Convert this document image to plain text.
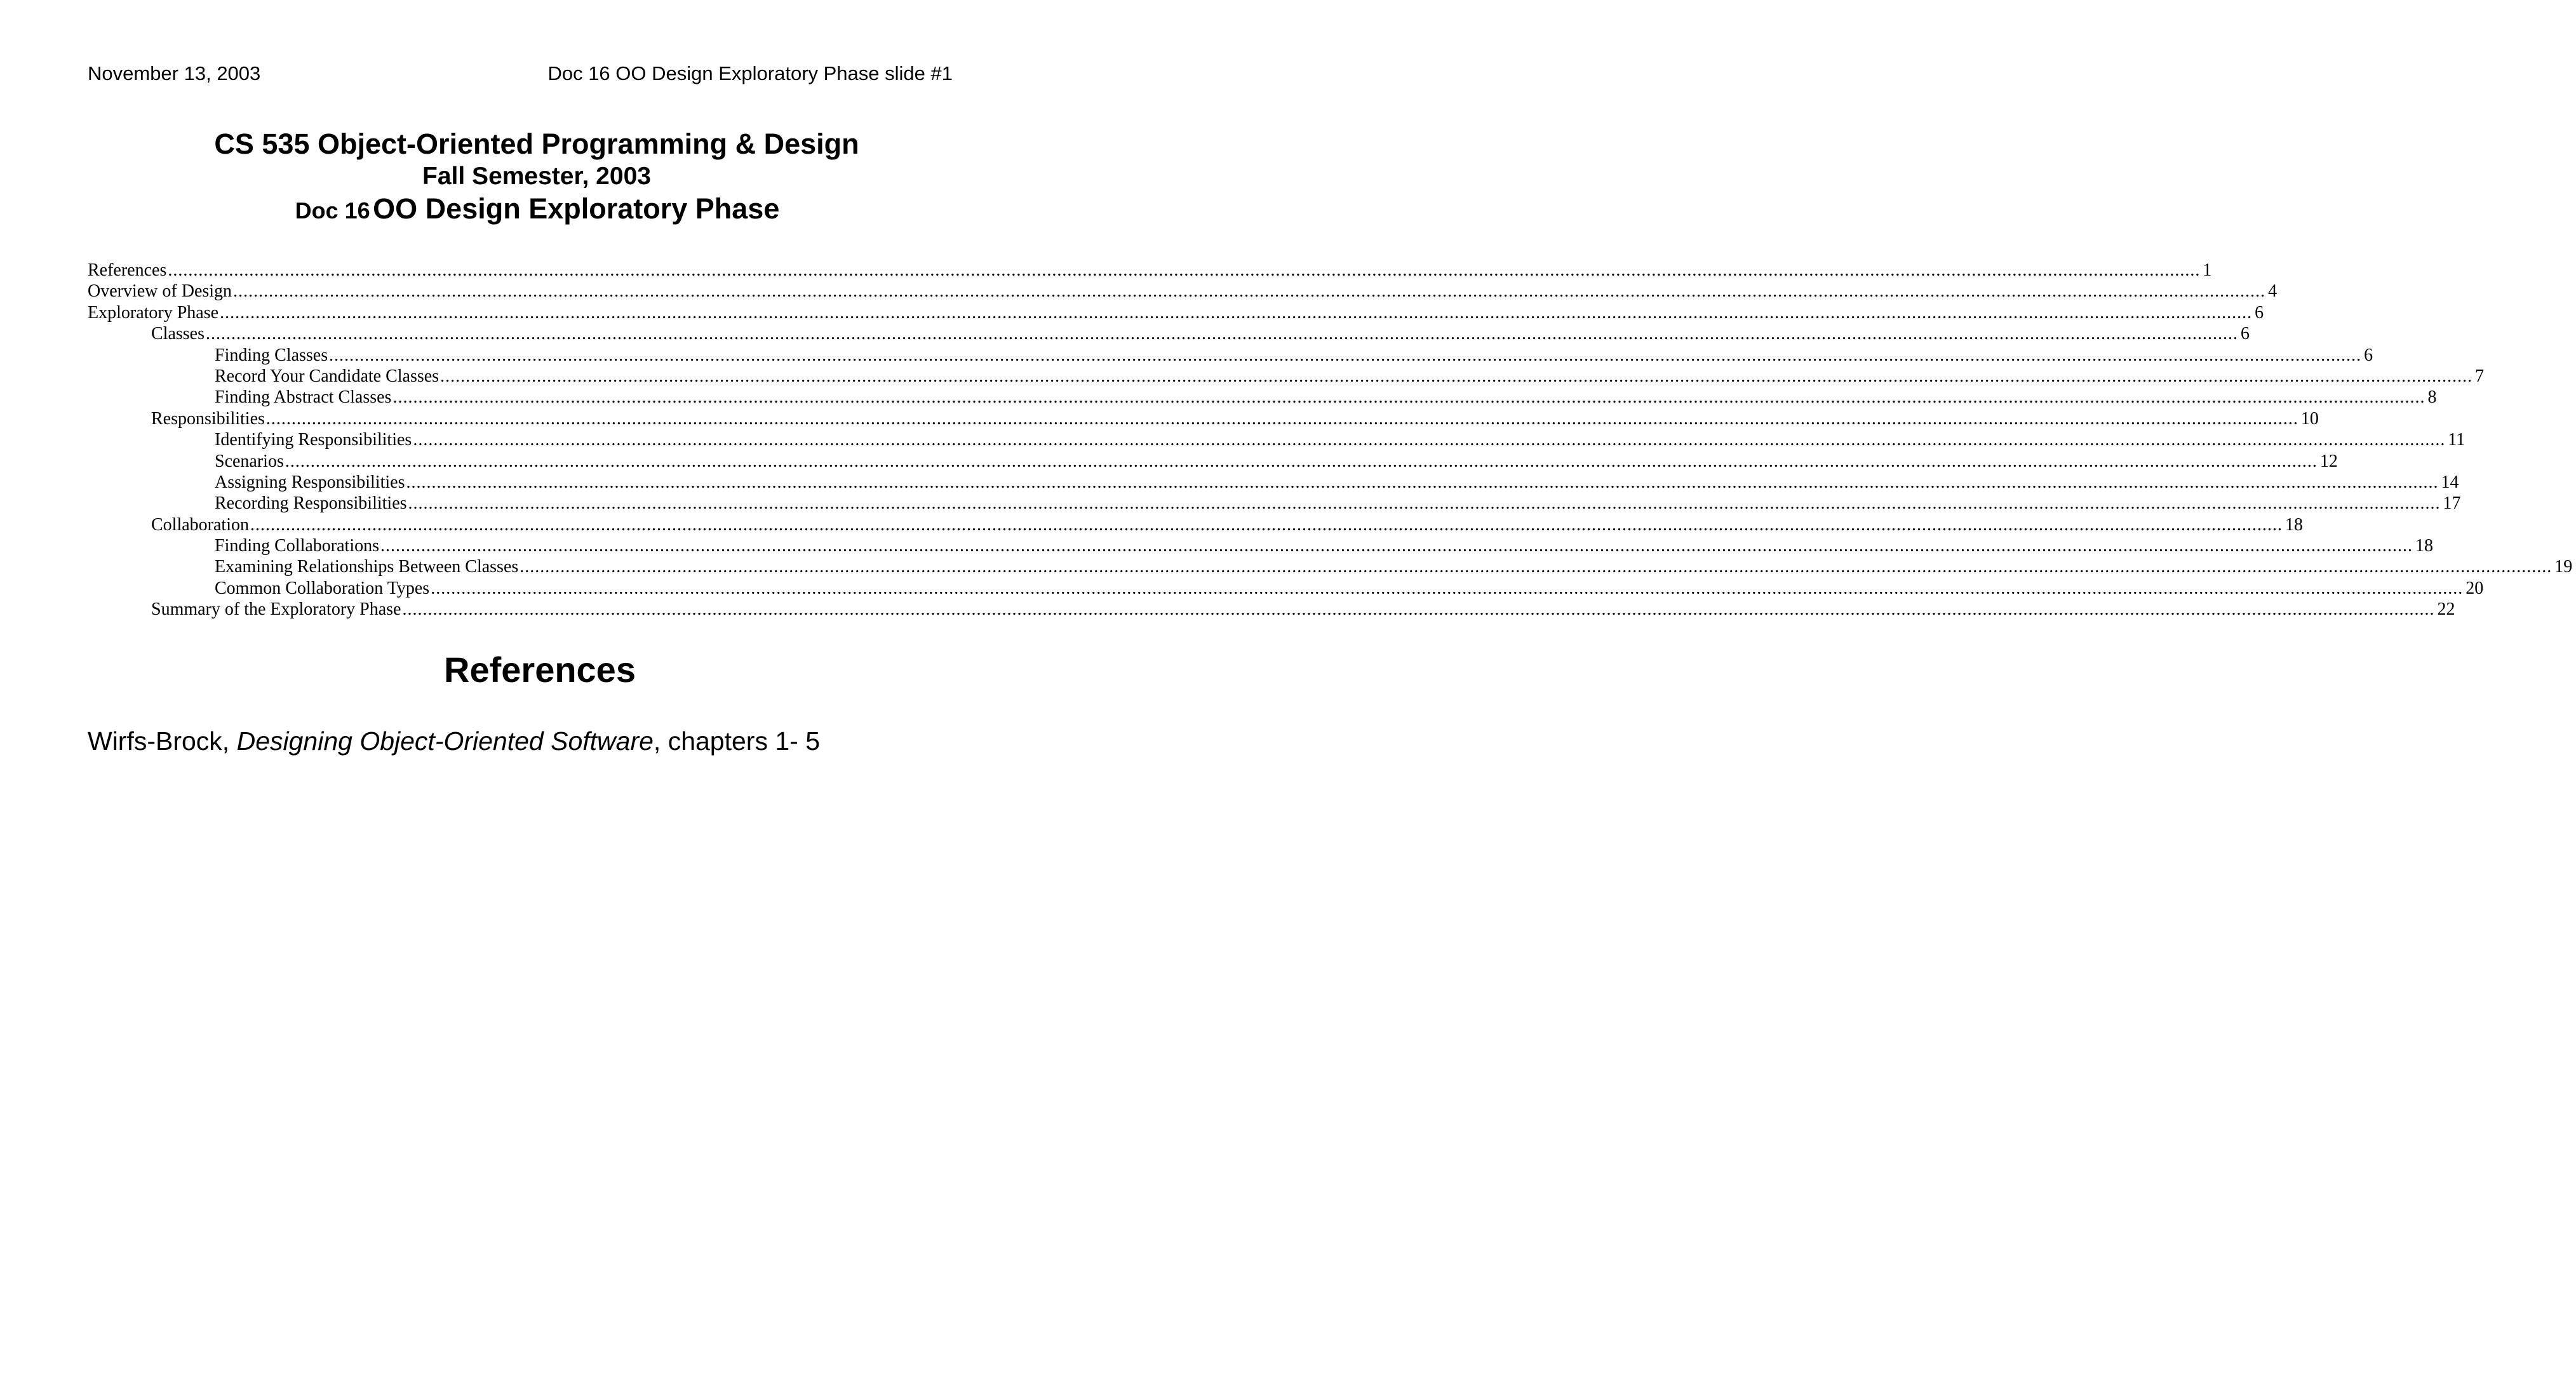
November 13, 2003	Doc 16 OO Design Exploratory Phase slide #1
CS 535 Object-Oriented Programming & Design
Fall Semester, 2003
Doc 16 OO Design Exploratory Phase
References ................................................................................................................................................................................................................................................................................................................................................................................................................ 1
Overview of Design ................................................................................................................................................................................................................................................................................................................................................................................................................ 4
Exploratory Phase ................................................................................................................................................................................................................................................................................................................................................................................................................ 6
Classes ................................................................................................................................................................................................................................................................................................................................................................................................................ 6
Finding Classes ................................................................................................................................................................................................................................................................................................................................................................................................................ 6
Record Your Candidate Classes ................................................................................................................................................................................................................................................................................................................................................................................................................ 7
Finding Abstract Classes ................................................................................................................................................................................................................................................................................................................................................................................................................ 8
Responsibilities ................................................................................................................................................................................................................................................................................................................................................................................................................ 10
Identifying Responsibilities ................................................................................................................................................................................................................................................................................................................................................................................................................ 11
Scenarios ................................................................................................................................................................................................................................................................................................................................................................................................................ 12
Assigning Responsibilities ................................................................................................................................................................................................................................................................................................................................................................................................................ 14
Recording Responsibilities ................................................................................................................................................................................................................................................................................................................................................................................................................ 17
Collaboration ................................................................................................................................................................................................................................................................................................................................................................................................................ 18
Finding Collaborations ................................................................................................................................................................................................................................................................................................................................................................................................................ 18
Examining Relationships Between Classes ................................................................................................................................................................................................................................................................................................................................................................................................................ 19
Common Collaboration Types ................................................................................................................................................................................................................................................................................................................................................................................................................ 20
Summary of the Exploratory Phase ................................................................................................................................................................................................................................................................................................................................................................................................................ 22
References
Wirfs-Brock, Designing Object-Oriented Software, chapters 1- 5
